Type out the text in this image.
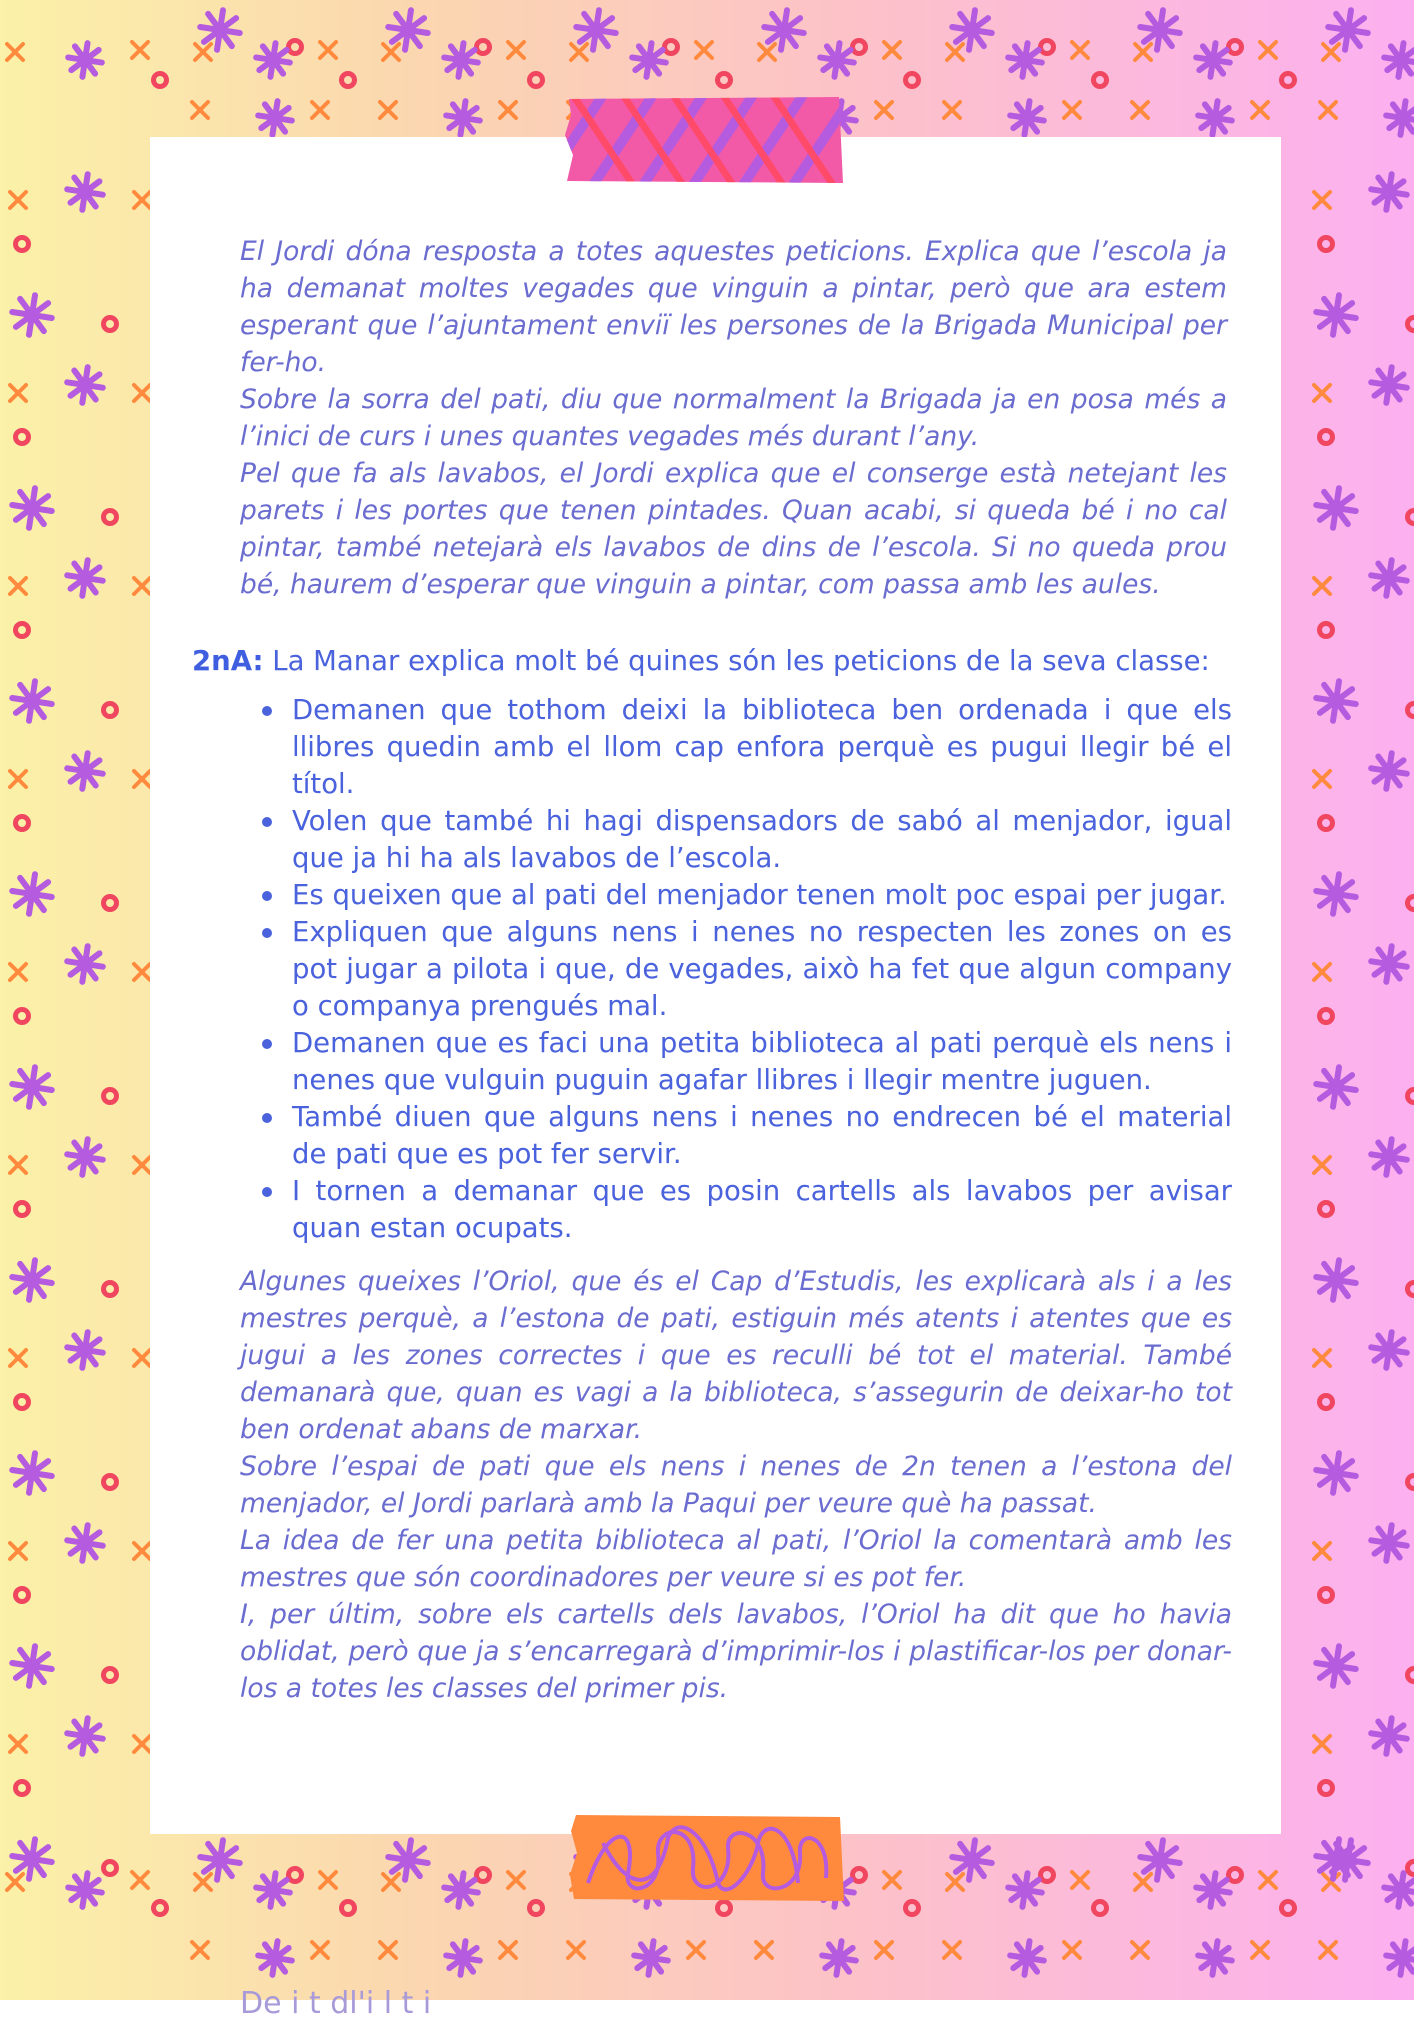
El Jordi dóna resposta a totes aquestes peticions. Explica que l’escola ja ha demanat moltes vegades que vinguin a pintar, però que ara estem esperant que l’ajuntament enviï les persones de la Brigada Municipal per fer-ho.

Sobre la sorra del pati, diu que normalment la Brigada ja en posa més a l’inici de curs i unes quantes vegades més durant l’any.

Pel que fa als lavabos, el Jordi explica que el conserge està netejant les parets i les portes que tenen pintades. Quan acabi, si queda bé i no cal pintar, també netejarà els lavabos de dins de l’escola. Si no queda prou bé, haurem d’esperar que vinguin a pintar, com passa amb les aules.

2nA: La Manar explica molt bé quines són les peticions de la seva classe:
Demanen que tothom deixi la biblioteca ben ordenada i que els llibres quedin amb el llom cap enfora perquè es pugui llegir bé el títol.
Volen que també hi hagi dispensadors de sabó al menjador, igual que ja hi ha als lavabos de l’escola.
Es queixen que al pati del menjador tenen molt poc espai per jugar.
Expliquen que alguns nens i nenes no respecten les zones on es pot jugar a pilota i que, de vegades, això ha fet que algun company o companya prengués mal.
Demanen que es faci una petita biblioteca al pati perquè els nens i nenes que vulguin puguin agafar llibres i llegir mentre juguen.
També diuen que alguns nens i nenes no endrecen bé el material de pati que es pot fer servir.
I tornen a demanar que es posin cartells als lavabos per avisar quan estan ocupats.

Algunes queixes l’Oriol, que és el Cap d’Estudis, les explicarà als i a les mestres perquè, a l’estona de pati, estiguin més atents i atentes que es jugui a les zones correctes i que es reculli bé tot el material. També demanarà que, quan es vagi a la biblioteca, s’assegurin de deixar-ho tot ben ordenat abans de marxar.

Sobre l’espai de pati que els nens i nenes de 2n tenen a l’estona del menjador, el Jordi parlarà amb la Paqui per veure què ha passat.

La idea de fer una petita biblioteca al pati, l’Oriol la comentarà amb les mestres que són coordinadores per veure si es pot fer.

I, per últim, sobre els cartells dels lavabos, l’Oriol ha dit que ho havia oblidat, però que ja s’encarregarà d’imprimir-los i plastificar-los per donar-los a totes les classes del primer pis.

De i t dl'i l t i
